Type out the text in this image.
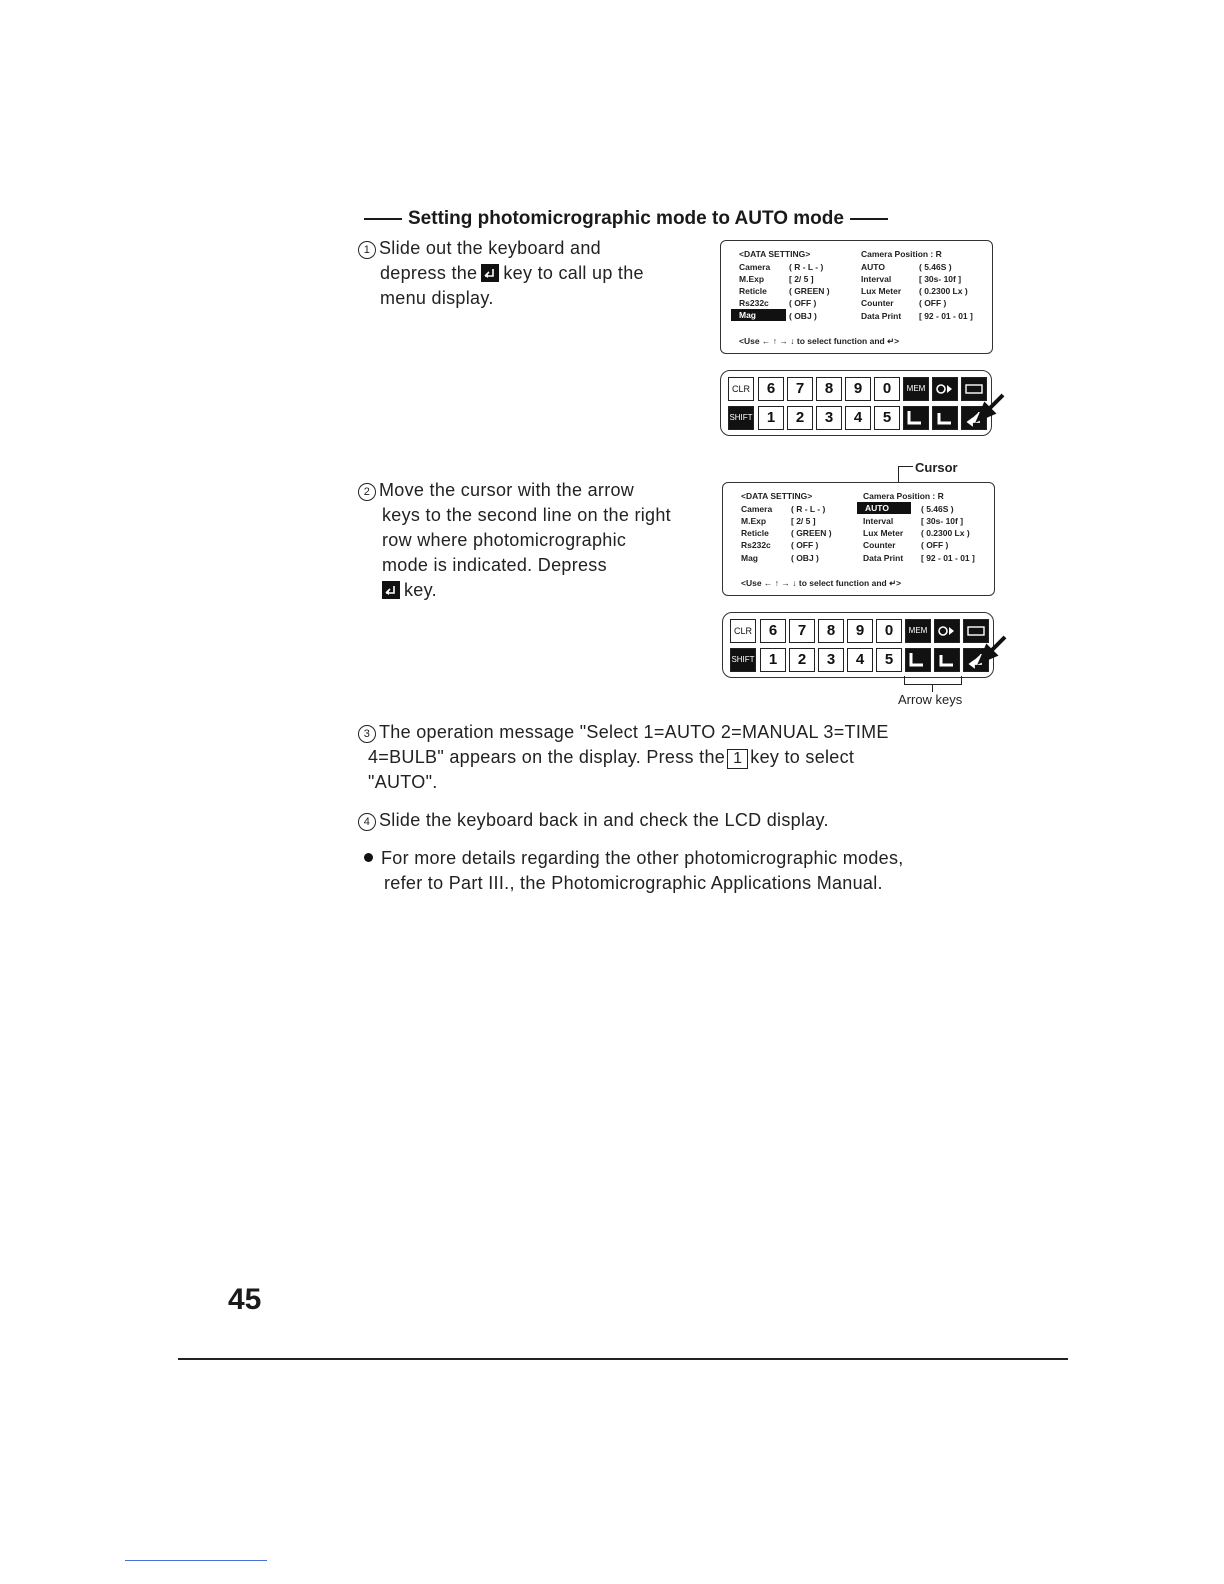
Setting photomicrographic mode to AUTO mode
1 Slide out the keyboard and
depress the key to call up the
menu display.
<DATA SETTING>	Camera Position : R
Camera ( R - L - )	AUTO	( 5.46S )
M.Exp	[ 2/ 5 ]	Interval	[ 30s- 10f ]
Reticle	( GREEN )	Lux Meter ( 0.2300 Lx )
Rs232c ( OFF )	Counter	( OFF )
Mag	( OBJ )	Data Print [ 92 - 01 - 01 ]
<Use ← ↑ → ↓ to select function and ↵>
CLR	6	7	8	9	0	MEM
SHIFT 1	2	3	4	5
2 Move the cursor with the arrow
keys to the second line on the right
row where photomicrographic
mode is indicated. Depress
key.
Cursor
<DATA SETTING>	Camera Position : R
Camera ( R - L - )	AUTO	( 5.46S )
M.Exp	[ 2/ 5 ]	Interval	[ 30s- 10f ]
Reticle	( GREEN )	Lux Meter ( 0.2300 Lx )
Rs232c ( OFF )	Counter	( OFF )
Mag	( OBJ )	Data Print [ 92 - 01 - 01 ]
<Use ← ↑ → ↓ to select function and ↵>
CLR	6	7	8	9	0	MEM
SHIFT 1	2	3	4	5
Arrow keys
3 The operation message "Select 1=AUTO 2=MANUAL 3=TIME
4=BULB" appears on the display. Press the 1 key to select
"AUTO".
4 Slide the keyboard back in and check the LCD display.
For more details regarding the other photomicrographic modes,
refer to Part III., the Photomicrographic Applications Manual.
45
